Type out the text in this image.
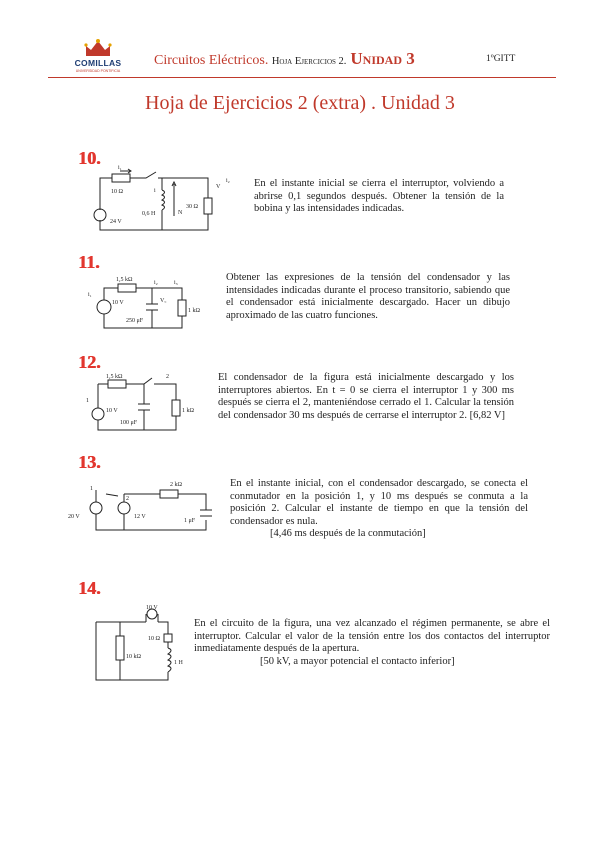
COMILLAS
UNIVERSIDAD PONTIFICIA
Circuitos Eléctricos. Hoja Ejercicios 2. Unidad 3	1ºGITT
Hoja de Ejercicios 2 (extra) . Unidad 3
10.
10 Ω
24 V
0,6 H
30 Ω
i₁
i
N
V
i₂ En el instante inicial se cierra el interruptor, volviendo a abrirse 0,1 segundos después. Obtener la tensión de la bobina y las intensidades indicadas.
11.
1,5 kΩ
i₁
10 V
i₂	i₃
V꜀
250 μF
1 kΩ
Obtener las expresiones de la tensión del condensador y las intensidades indicadas durante el proceso transitorio, sabiendo que el condensador está inicialmente descargado. Hacer un dibujo aproximado de las cuatro funciones.
12.
1,5 kΩ
1
2
10 V
100 μF
1 kΩ
El condensador de la figura está inicialmente descargado y los interruptores abiertos. En t = 0 se cierra el interruptor 1 y 300 ms después se cierra el 2, manteniéndose cerrado el 1. Calcular la tensión del condensador 30 ms después de cerrarse el interruptor 2. [6,82 V]
13.
1
2
20 V	12 V
2 kΩ
1 μF
En el instante inicial, con el condensador descargado, se conecta el conmutador en la posición 1, y 10 ms después se conmuta a la posición 2. Calcular el instante de tiempo en que la tensión del condensador es nula.
[4,46 ms después de la conmutación]
14.
10 V
10 Ω
10 kΩ
1 H
En el circuito de la figura, una vez alcanzado el régimen permanente, se abre el interruptor. Calcular el valor de la tensión entre los dos contactos del interruptor inmediatamente después de la apertura.
[50 kV, a mayor potencial el contacto inferior]
